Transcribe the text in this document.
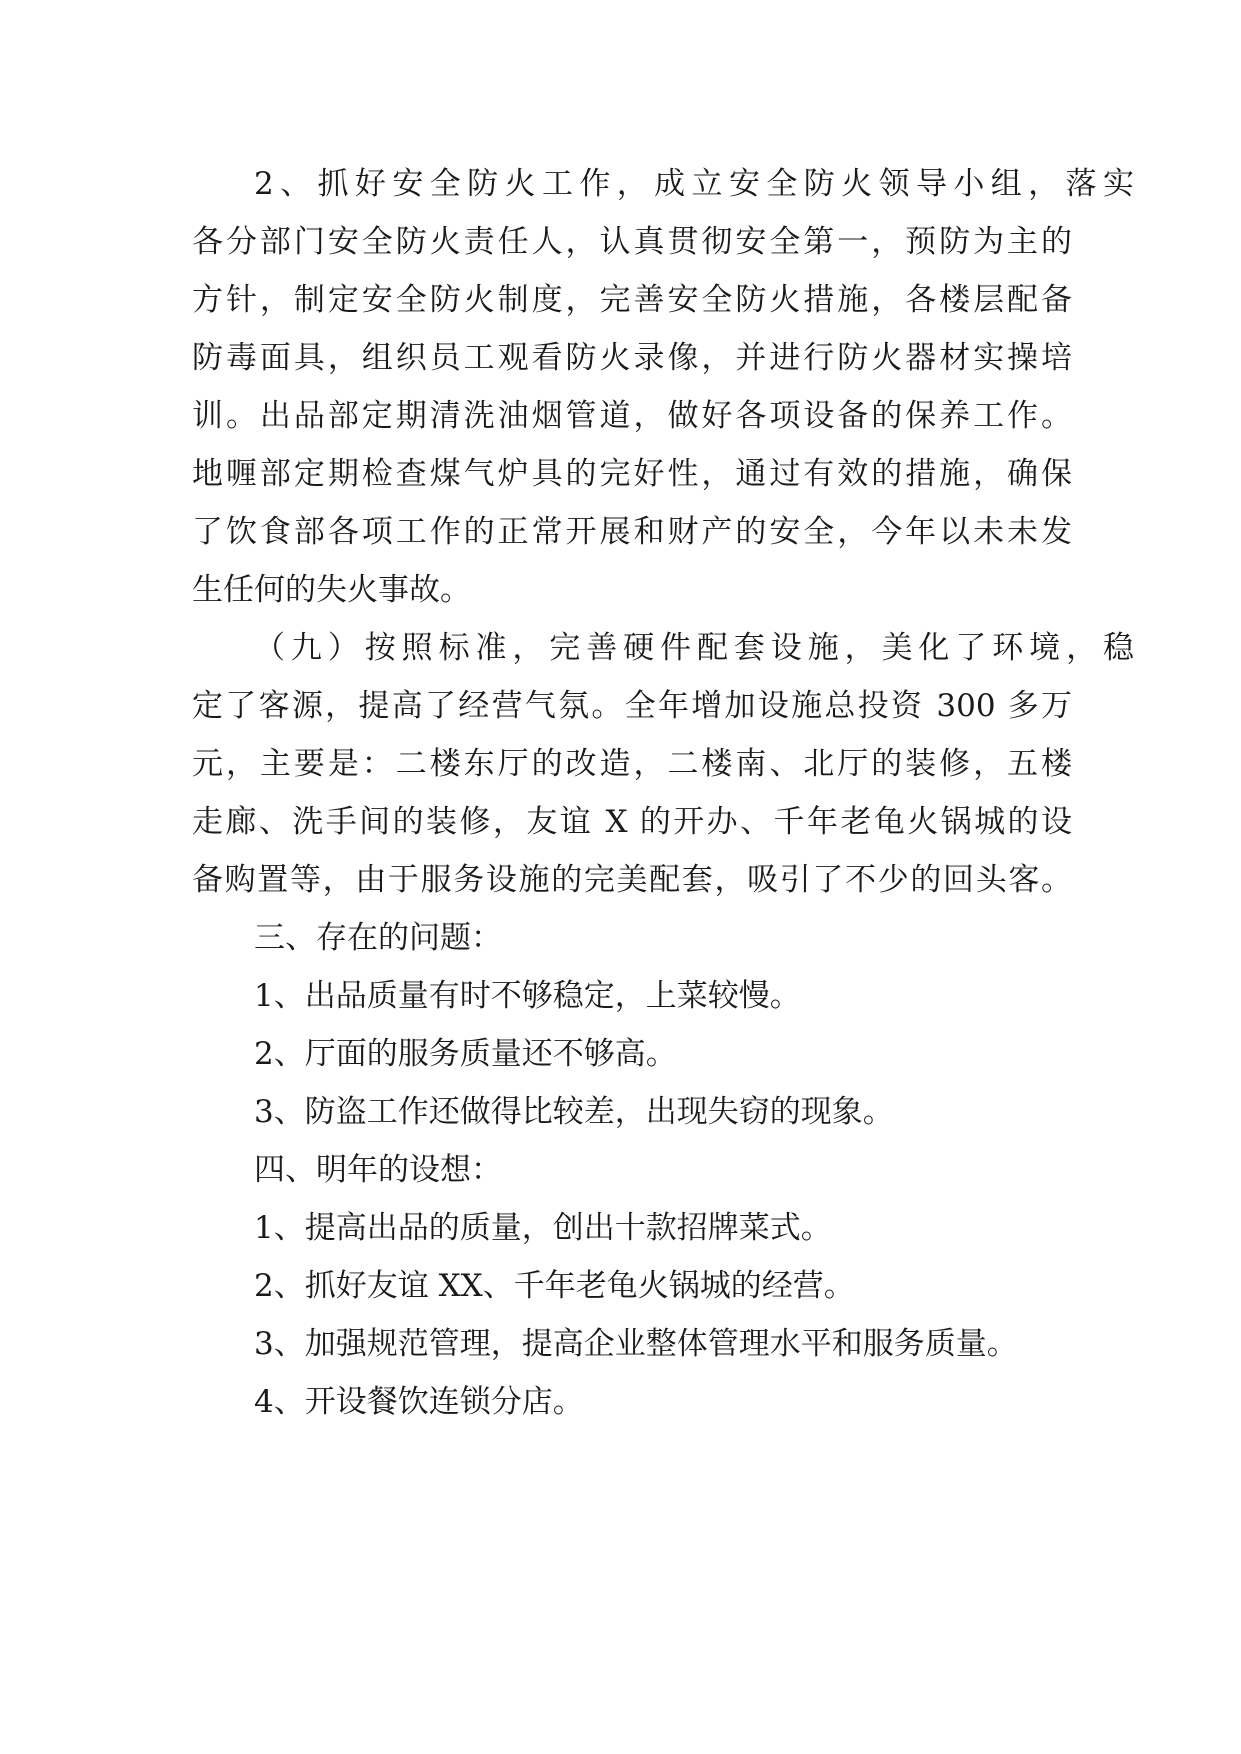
2、抓好安全防火工作，成立安全防火领导小组，落实
各分部门安全防火责任人，认真贯彻安全第一，预防为主的
方针，制定安全防火制度，完善安全防火措施，各楼层配备
防毒面具，组织员工观看防火录像，并进行防火器材实操培
训。出品部定期清洗油烟管道，做好各项设备的保养工作。
地喱部定期检查煤气炉具的完好性，通过有效的措施，确保
了饮食部各项工作的正常开展和财产的安全，今年以未未发
生任何的失火事故。
（九）按照标准，完善硬件配套设施，美化了环境，稳
定了客源，提高了经营气氛。全年增加设施总投资 300 多万
元，主要是：二楼东厅的改造，二楼南、北厅的装修，五楼
走廊、洗手间的装修，友谊 X 的开办、千年老龟火锅城的设
备购置等，由于服务设施的完美配套，吸引了不少的回头客。
三、存在的问题：
1、出品质量有时不够稳定，上菜较慢。
2、厅面的服务质量还不够高。
3、防盗工作还做得比较差，出现失窃的现象。
四、明年的设想：
1、提高出品的质量，创出十款招牌菜式。
2、抓好友谊 XX、千年老龟火锅城的经营。
3、加强规范管理，提高企业整体管理水平和服务质量。
4、开设餐饮连锁分店。
